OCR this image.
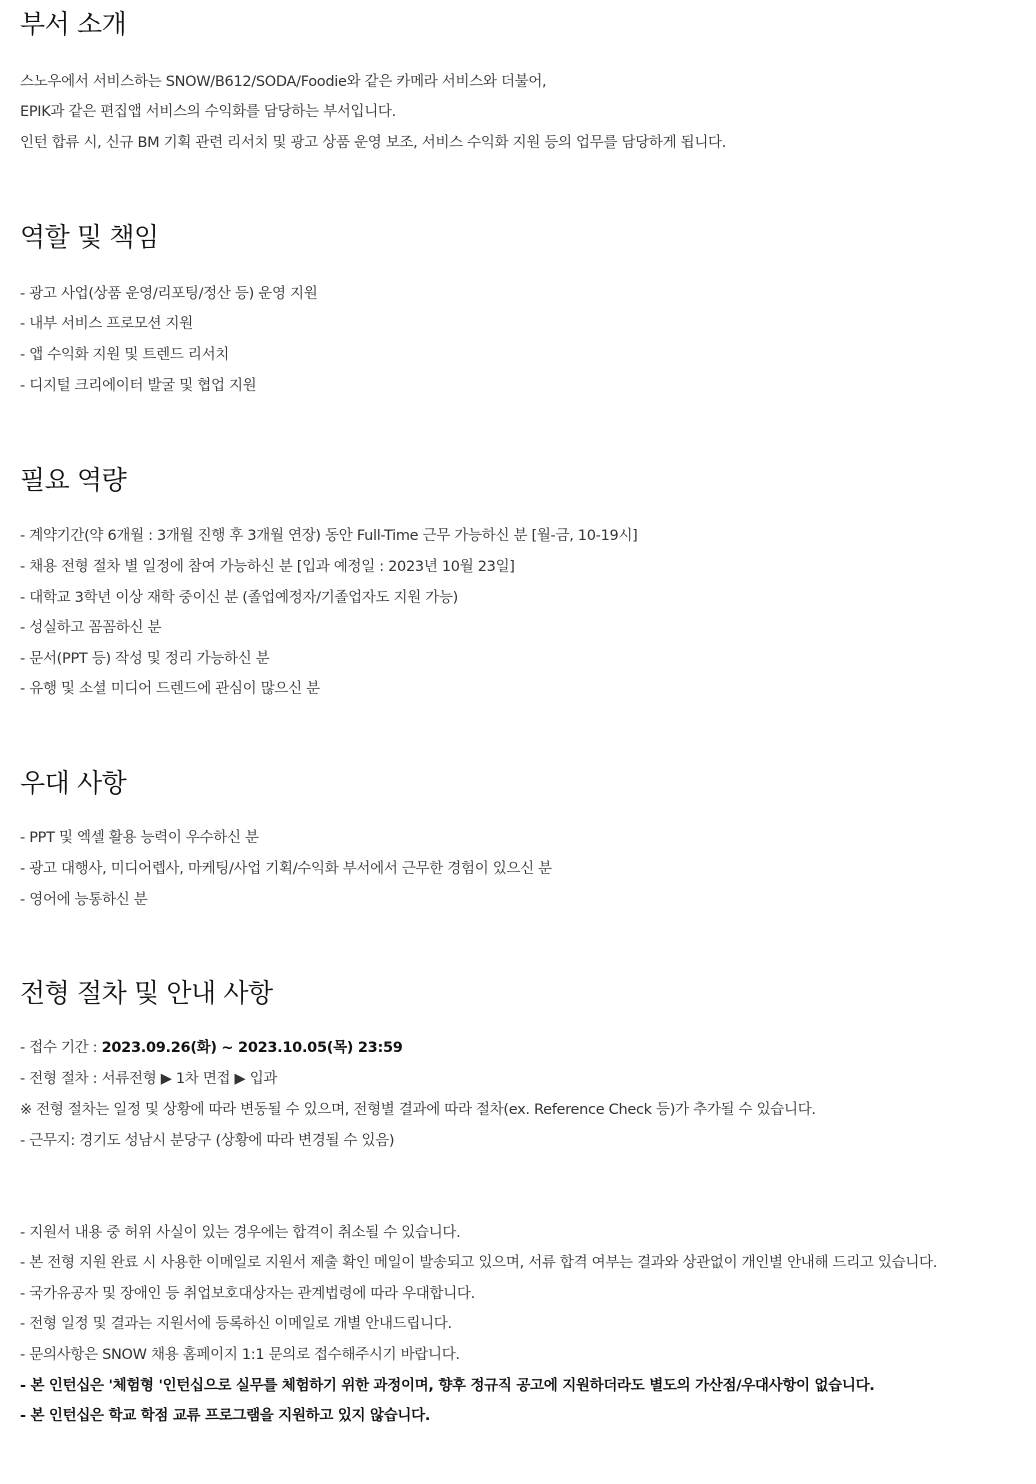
부서 소개

스노우에서 서비스하는 SNOW/B612/SODA/Foodie와 같은 카메라 서비스와 더불어,

EPIK과 같은 편집앱 서비스의 수익화를 담당하는 부서입니다.

인턴 합류 시, 신규 BM 기획 관련 리서치 및 광고 상품 운영 보조, 서비스 수익화 지원 등의 업무를 담당하게 됩니다.

역할 및 책임

- 광고 사업(상품 운영/리포팅/정산 등) 운영 지원

- 내부 서비스 프로모션 지원

- 앱 수익화 지원 및 트렌드 리서치

- 디지털 크리에이터 발굴 및 협업 지원

필요 역량

- 계약기간(약 6개월 : 3개월 진행 후 3개월 연장) 동안 Full-Time 근무 가능하신 분 [월-금, 10-19시]

- 채용 전형 절차 별 일정에 참여 가능하신 분 [입과 예정일 : 2023년 10월 23일]

- 대학교 3학년 이상 재학 중이신 분 (졸업예정자/기졸업자도 지원 가능)

- 성실하고 꼼꼼하신 분

- 문서(PPT 등) 작성 및 정리 가능하신 분

- 유행 및 소셜 미디어 드렌드에 관심이 많으신 분

우대 사항

- PPT 및 엑셀 활용 능력이 우수하신 분

- 광고 대행사, 미디어렙사, 마케팅/사업 기획/수익화 부서에서 근무한 경험이 있으신 분

- 영어에 능통하신 분

전형 절차 및 안내 사항

- 접수 기간 : 2023.09.26(화) ~ 2023.10.05(목) 23:59

- 전형 절차 : 서류전형 ▶ 1차 면접 ▶ 입과

※ 전형 절차는 일정 및 상황에 따라 변동될 수 있으며, 전형별 결과에 따라 절차(ex. Reference Check 등)가 추가될 수 있습니다.

- 근무지: 경기도 성남시 분당구 (상황에 따라 변경될 수 있음)

- 지원서 내용 중 허위 사실이 있는 경우에는 합격이 취소될 수 있습니다.

- 본 전형 지원 완료 시 사용한 이메일로 지원서 제출 확인 메일이 발송되고 있으며, 서류 합격 여부는 결과와 상관없이 개인별 안내해 드리고 있습니다.

- 국가유공자 및 장애인 등 취업보호대상자는 관계법령에 따라 우대합니다.

- 전형 일정 및 결과는 지원서에 등록하신 이메일로 개별 안내드립니다.

- 문의사항은 SNOW 채용 홈페이지 1:1 문의로 접수해주시기 바랍니다.

- 본 인턴십은 '체험형 '인턴십으로 실무를 체험하기 위한 과정이며, 향후 정규직 공고에 지원하더라도 별도의 가산점/우대사항이 없습니다.

- 본 인턴십은 학교 학점 교류 프로그램을 지원하고 있지 않습니다.
